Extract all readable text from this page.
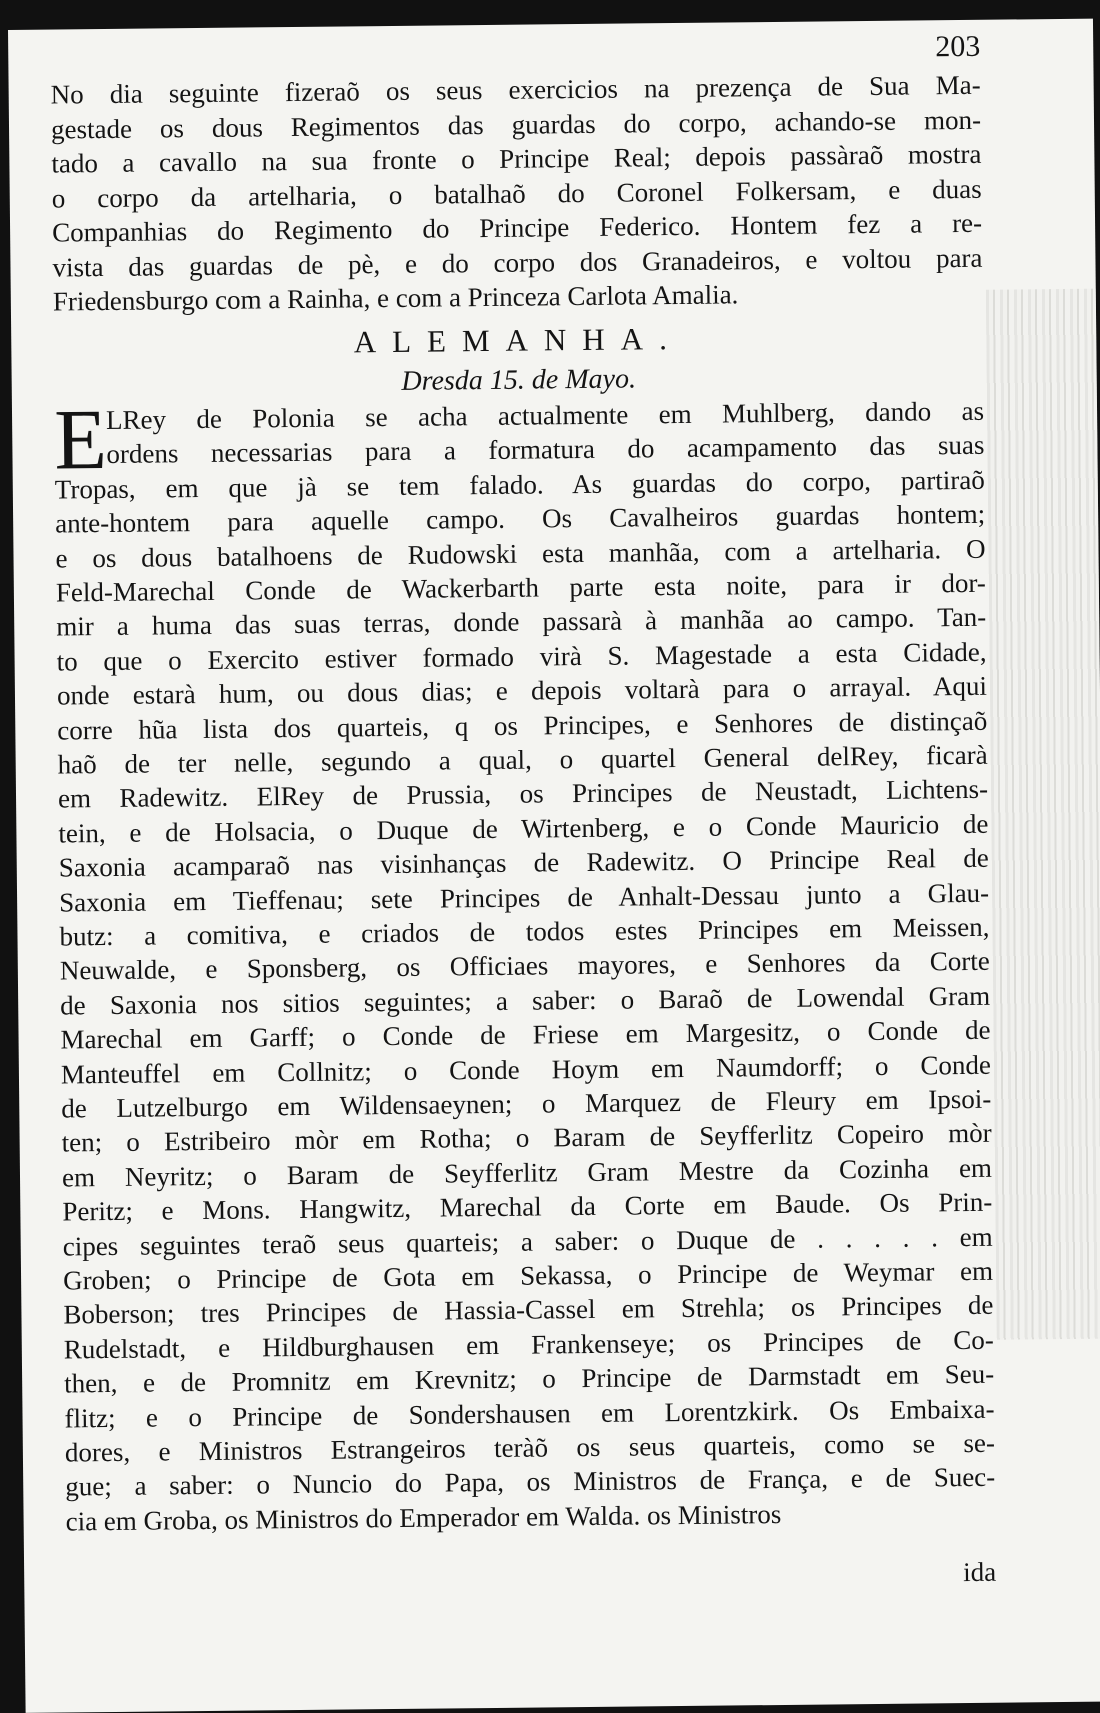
203
No dia seguinte fizeraõ os seus exercicios na prezença de Sua Ma-
gestade os dous Regimentos das guardas do corpo, achando-se mon-
tado a cavallo na sua fronte o Principe Real; depois passàraõ mostra
o corpo da artelharia, o batalhaõ do Coronel Folkersam, e duas
Companhias do Regimento do Principe Federico. Hontem fez a re-
vista das guardas de pè, e do corpo dos Granadeiros, e voltou para
Friedensburgo com a Rainha, e com a Princeza Carlota Amalia.
ALEMANHA.
Dresda 15. de Mayo.
E
LRey de Polonia se acha actualmente em Muhlberg, dando as
ordens necessarias para a formatura do acampamento das suas
Tropas, em que jà se tem falado. As guardas do corpo, partiraõ
ante-hontem para aquelle campo. Os Cavalheiros guardas hontem;
e os dous batalhoens de Rudowski esta manhãa, com a artelharia. O
Feld-Marechal Conde de Wackerbarth parte esta noite, para ir dor-
mir a huma das suas terras, donde passarà à manhãa ao campo. Tan-
to que o Exercito estiver formado virà S. Magestade a esta Cidade,
onde estarà hum, ou dous dias; e depois voltarà para o arrayal. Aqui
corre hũa lista dos quarteis, q os Principes, e Senhores de distinçaõ
haõ de ter nelle, segundo a qual, o quartel General delRey, ficarà
em Radewitz. ElRey de Prussia, os Principes de Neustadt, Lichtens-
tein, e de Holsacia, o Duque de Wirtenberg, e o Conde Mauricio de
Saxonia acamparaõ nas visinhanças de Radewitz. O Principe Real de
Saxonia em Tieffenau; sete Principes de Anhalt-Dessau junto a Glau-
butz: a comitiva, e criados de todos estes Principes em Meissen,
Neuwalde, e Sponsberg, os Officiaes mayores, e Senhores da Corte
de Saxonia nos sitios seguintes; a saber: o Baraõ de Lowendal Gram
Marechal em Garff; o Conde de Friese em Margesitz, o Conde de
Manteuffel em Collnitz; o Conde Hoym em Naumdorff; o Conde
de Lutzelburgo em Wildensaeynen; o Marquez de Fleury em Ipsoi-
ten; o Estribeiro mòr em Rotha; o Baram de Seyfferlitz Copeiro mòr
em Neyritz; o Baram de Seyfferlitz Gram Mestre da Cozinha em
Peritz; e Mons. Hangwitz, Marechal da Corte em Baude. Os Prin-
cipes seguintes teraõ seus quarteis; a saber: o Duque de . . . . . em
Groben; o Principe de Gota em Sekassa, o Principe de Weymar em
Boberson; tres Principes de Hassia-Cassel em Strehla; os Principes de
Rudelstadt, e Hildburghausen em Frankenseye; os Principes de Co-
then, e de Promnitz em Krevnitz; o Principe de Darmstadt em Seu-
flitz; e o Principe de Sondershausen em Lorentzkirk. Os Embaixa-
dores, e Ministros Estrangeiros teràõ os seus quarteis, como se se-
gue; a saber: o Nuncio do Papa, os Ministros de França, e de Suec-
cia em Groba, os Ministros do Emperador em Walda. os Ministros
ida
